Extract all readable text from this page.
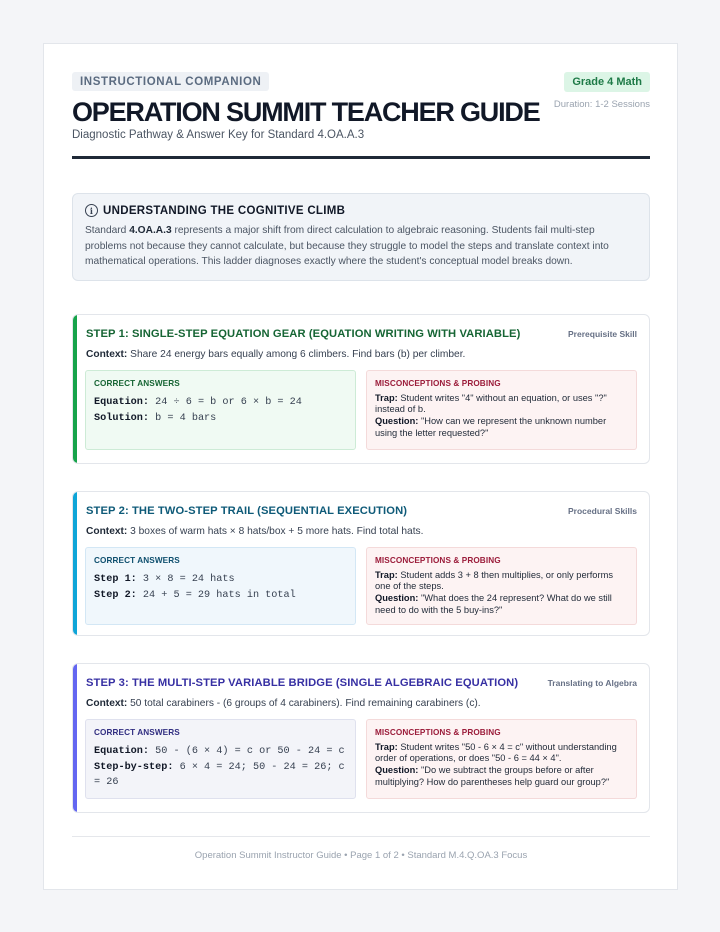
INSTRUCTIONAL COMPANION
OPERATION SUMMIT TEACHER GUIDE
Diagnostic Pathway & Answer Key for Standard 4.OA.A.3
Grade 4 Math
Duration: 1-2 Sessions
i UNDERSTANDING THE COGNITIVE CLIMB
Standard 4.OA.A.3 represents a major shift from direct calculation to algebraic reasoning. Students fail multi-step problems not because they cannot calculate, but because they struggle to model the steps and translate context into mathematical operations. This ladder diagnoses exactly where the student's conceptual model breaks down.
STEP 1: SINGLE-STEP EQUATION GEAR (EQUATION WRITING WITH VARIABLE)	Prerequisite Skill
Context: Share 24 energy bars equally among 6 climbers. Find bars (b) per climber.
CORRECT ANSWERS
Equation: 24 ÷ 6 = b or 6 × b = 24
Solution: b = 4 bars
MISCONCEPTIONS & PROBING
Trap: Student writes "4" without an equation, or uses "?" instead of b.
Question: "How can we represent the unknown number using the letter requested?"
STEP 2: THE TWO-STEP TRAIL (SEQUENTIAL EXECUTION)	Procedural Skills
Context: 3 boxes of warm hats × 8 hats/box + 5 more hats. Find total hats.
CORRECT ANSWERS
Step 1: 3 × 8 = 24 hats
Step 2: 24 + 5 = 29 hats in total
MISCONCEPTIONS & PROBING
Trap: Student adds 3 + 8 then multiplies, or only performs one of the steps.
Question: "What does the 24 represent? What do we still need to do with the 5 buy-ins?"
STEP 3: THE MULTI-STEP VARIABLE BRIDGE (SINGLE ALGEBRAIC EQUATION)	Translating to Algebra
Context: 50 total carabiners - (6 groups of 4 carabiners). Find remaining carabiners (c).
CORRECT ANSWERS
Equation: 50 - (6 × 4) = c or 50 - 24 = c
Step-by-step: 6 × 4 = 24; 50 - 24 = 26; c = 26
MISCONCEPTIONS & PROBING
Trap: Student writes "50 - 6 × 4 = c" without understanding order of operations, or does "50 - 6 = 44 × 4".
Question: "Do we subtract the groups before or after multiplying? How do parentheses help guard our group?"
Operation Summit Instructor Guide • Page 1 of 2 • Standard M.4.Q.OA.3 Focus
